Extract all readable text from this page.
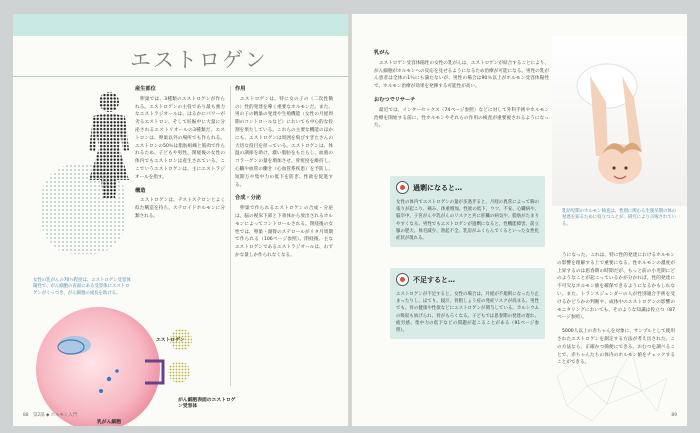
エストロゲン
女性の乳がんの70％程度は、エストロゲン受容体陽性で、がん細胞の表面にある受容体にエストロゲンがくっつき、がん細胞の成長を助ける。
産生部位

卵巣では、3種類のエストロゲンが作られる。エストロゲンの主役であり最も強力なエストラジオールは、はるかにパワーが劣るエストロン、そして妊娠中に大量に分泌されるエストリオールの3種類だ。エストロンは、卵巣以外の場所でも作られる。エストロンの50％は脂肪組織と筋肉で作られるため、子どもや男性、閉経後の女性の体内でもエストロンは産生されている。ここでいうエストロゲンは、主にエストラジオールを指す。

構造

エストロゲンは、テストステロンとよく似た構造を持ち、ステロイドホルモンに分類される。

作用

エストロゲンは、特に女の子の（二次性徴の）性的発達を導く重要なホルモンだ。また、男の子の精巣の発達や生殖機能（女性の月経周期のコントロールなど）においても中心的な役割を果たしている。これらの主要な機能のほかにも、エストロゲンは周囲を飛びすぎたさんの大切な役目を担っている。エストロゲンは、体温の調節を助け、濃い脂肪をもたらし、血液のコラーゲンの量を増加させ、骨密度を維持し、心臓や血管の働き（心血管系疾患）を予防し、短期万や集中力の低下を防ぎ、性欲を促進する。

合成・分泌

卵巣で作られるエストロゲンの合成・分泌は、脳の視床下部と下垂体から放出されるホルモンによってコントロールされる。閉経後の女性では、卵巣・副腎のステロールがリタ月周期で作られる（106ページ参照）。閉経後、主なエストロゲンであるエストラジオールは、わずかな量しか作られなくなる。

エストロゲン
がん細胞表面のエストロゲン受容体
乳がん細胞
88　第2部 ◆ ホルモン入門
乳がん

エストロゲン受容体陽性の女性の乳がんは、エストロゲンが結合することにより、がん細胞がホルモンへの反応を見せるようになるため治療が可能になる。男性の乳がん患者は全体の1％にも満たないが、男性の場合は90％以上がホルモン受容体陽性で、ホルモン治療が効果を発揮する可能性が高い。

おむつでリサーチ

最近では、インターセックス（74ページ参照）などに対して外科手術やホルモン治療を開始する前に、性ホルモンやそれらの作用の検査が重要視されるようになった。

乳幼児期のホルモン検査は、性別に関わる生後早期の体の発達を知るために役立つことが、研究により示唆されている。
過剰になると…

女性の体内でエストロゲンの量が多過ぎると、月経の異常によって胸の張りが起こり、痛み、体重増加、性欲の低下、ウツ、不安、心臓病や、脳卒中、子宮がんや乳がんのリスクと共に肝臓の病気や、脂肪がたまりやすくなる。男性でもエストロゲンが過剰になると、性機能障害、前立腺の肥大、体毛減少、勃起不全、乳房がふくらんでくるといった女性化症状が現れる。

不足すると…

エストロゲンが不足すると、女性の場合は、月経が不規則になったり止まったりし、ほてり、寝汗、骨粗しょう症の発症リスクが高まる。男性でも、骨の健康や性欲などにエストロゲンが関与している。カルシウムの吸収も妨げられ、骨がもろくなる。子どもでは思春期の発達の遅れ、疲労感、集中力の低下などの問題が起こることがある（91ページ参照）。

うになった。これは、特に性的発達におけるホルモンの影響を理解する上で重要になる。性ホルモンの濃度が上昇するのは思春期の時期だが、もっと前の小児期にどのようなことが起こっているかが分かれば、性的発達に不可欠なホルモン値を確保できるようになるかもしれない。また、トランスジェンダーの人が性別適合手術を受けるかどうかの判断や、成体中のエストロゲンの影響のモニタリングにおいても、そのような知識は役立つ（87ページ参照）。

5000人以上の赤ちゃんを対象に、サンプルとして使用されたエストロゲンを測定する方法が考え出された。この方法なら、正確かつ簡便にできる。おむつを調べることで、赤ちゃんたちの体内のホルモン値をチェックすることができる。

89
